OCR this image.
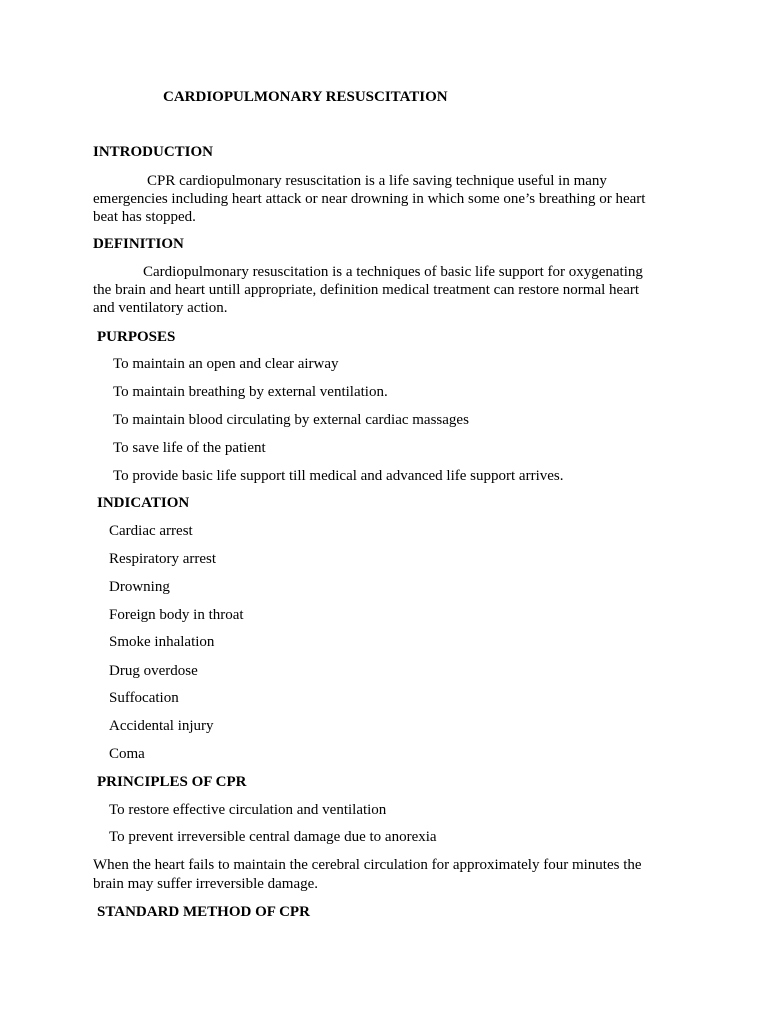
CARDIOPULMONARY RESUSCITATION
INTRODUCTION
CPR cardiopulmonary resuscitation is a life saving technique useful in many
emergencies including heart attack or near drowning in which some one’s breathing or heart
beat has stopped.
DEFINITION
Cardiopulmonary resuscitation is a techniques of basic life support for oxygenating
the brain and heart untill appropriate, definition medical treatment can restore normal heart
and ventilatory action.
PURPOSES
To maintain an open and clear airway
To maintain breathing by external ventilation.
To maintain blood circulating by external cardiac massages
To save life of the patient
To provide basic life support till medical and advanced life support arrives.
INDICATION
Cardiac arrest
Respiratory arrest
Drowning
Foreign body in throat
Smoke inhalation
Drug overdose
Suffocation
Accidental injury
Coma
PRINCIPLES OF CPR
To restore effective circulation and ventilation
To prevent irreversible central damage due to anorexia
When the heart fails to maintain the cerebral circulation for approximately four minutes the
brain may suffer irreversible damage.
STANDARD METHOD OF CPR
